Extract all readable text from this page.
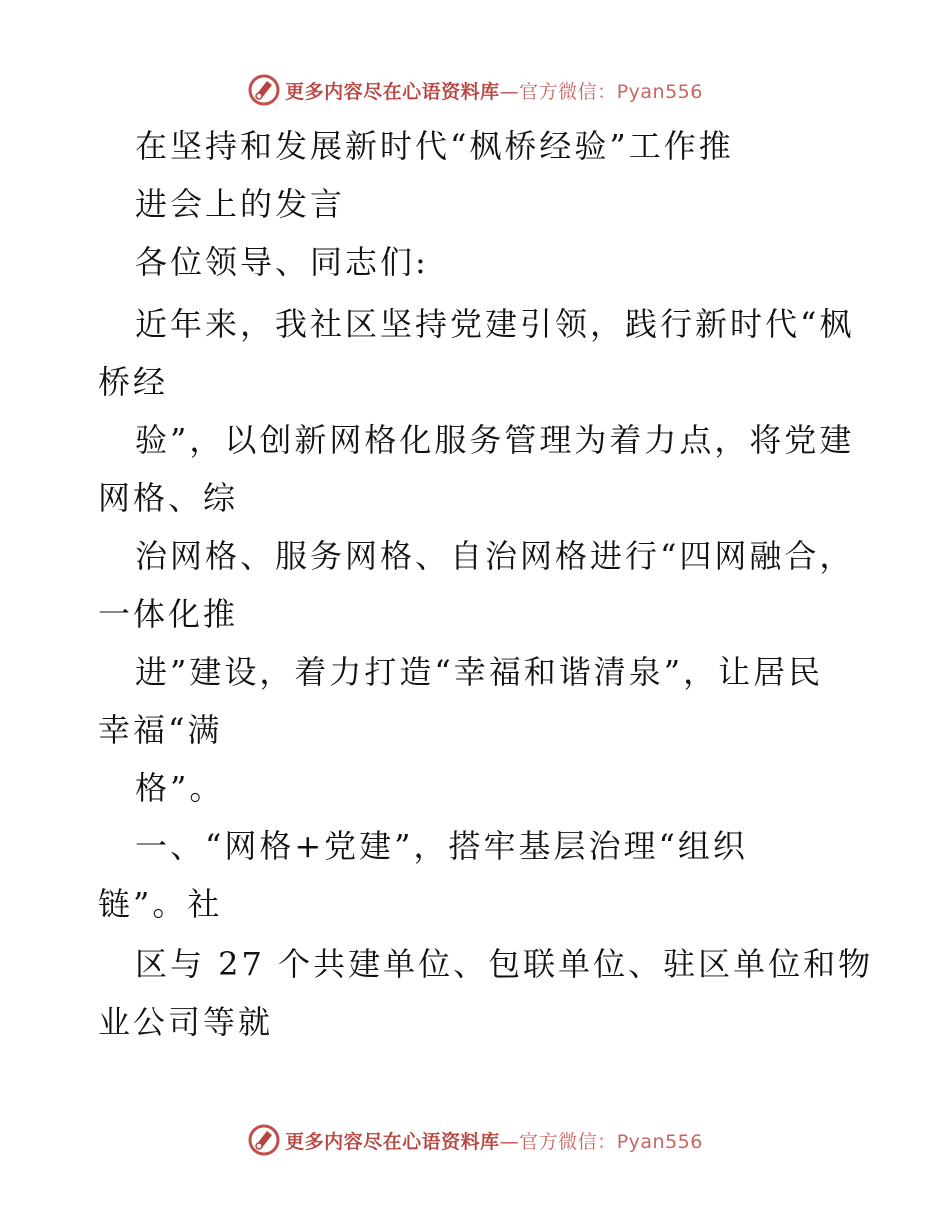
更多内容尽在心语资料库—官方微信：Pyan556
在坚持和发展新时代“枫桥经验”工作推
进会上的发言
各位领导、同志们:
近年来，我社区坚持党建引领，践行新时代“枫
桥经
验”，以创新网格化服务管理为着力点，将党建
网格、综
治网格、服务网格、自治网格进行“四网融合，
一体化推
进”建设，着力打造“幸福和谐清泉”，让居民
幸福“满
格”。
一、“网格+党建”，搭牢基层治理“组织
链”。社
区与 27 个共建单位、包联单位、驻区单位和物
业公司等就
更多内容尽在心语资料库—官方微信：Pyan556
